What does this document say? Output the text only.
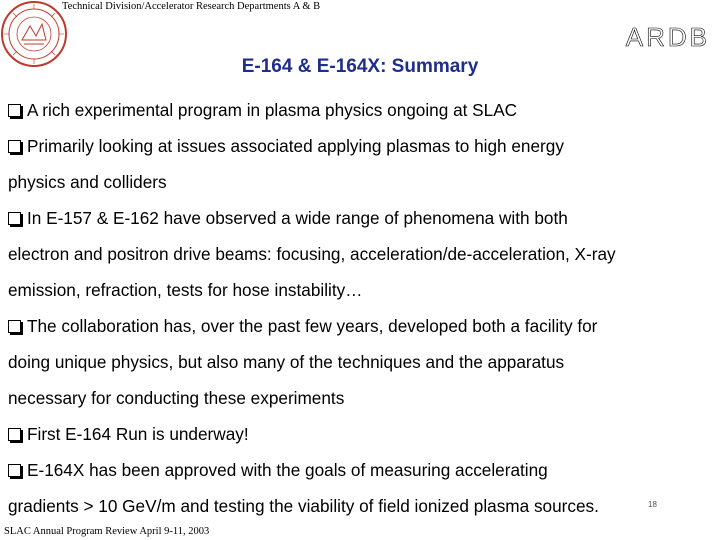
Technical Division/Accelerator Research Departments A & B
ARDB
E-164 & E-164X: Summary
A rich experimental program in plasma physics ongoing at SLAC
Primarily looking at issues associated applying plasmas to high energy
physics and colliders
In E-157 & E-162 have observed a wide range of phenomena with both
electron and positron drive beams: focusing, acceleration/de-acceleration, X-ray
emission, refraction, tests for hose instability…
The collaboration has, over the past few years, developed both a facility for
doing unique physics, but also many of the techniques and the apparatus
necessary for conducting these experiments
First E-164 Run is underway!
E-164X has been approved with the goals of measuring accelerating
gradients > 10 GeV/m and testing the viability of field ionized plasma sources.	18
SLAC Annual Program Review April 9-11, 2003
